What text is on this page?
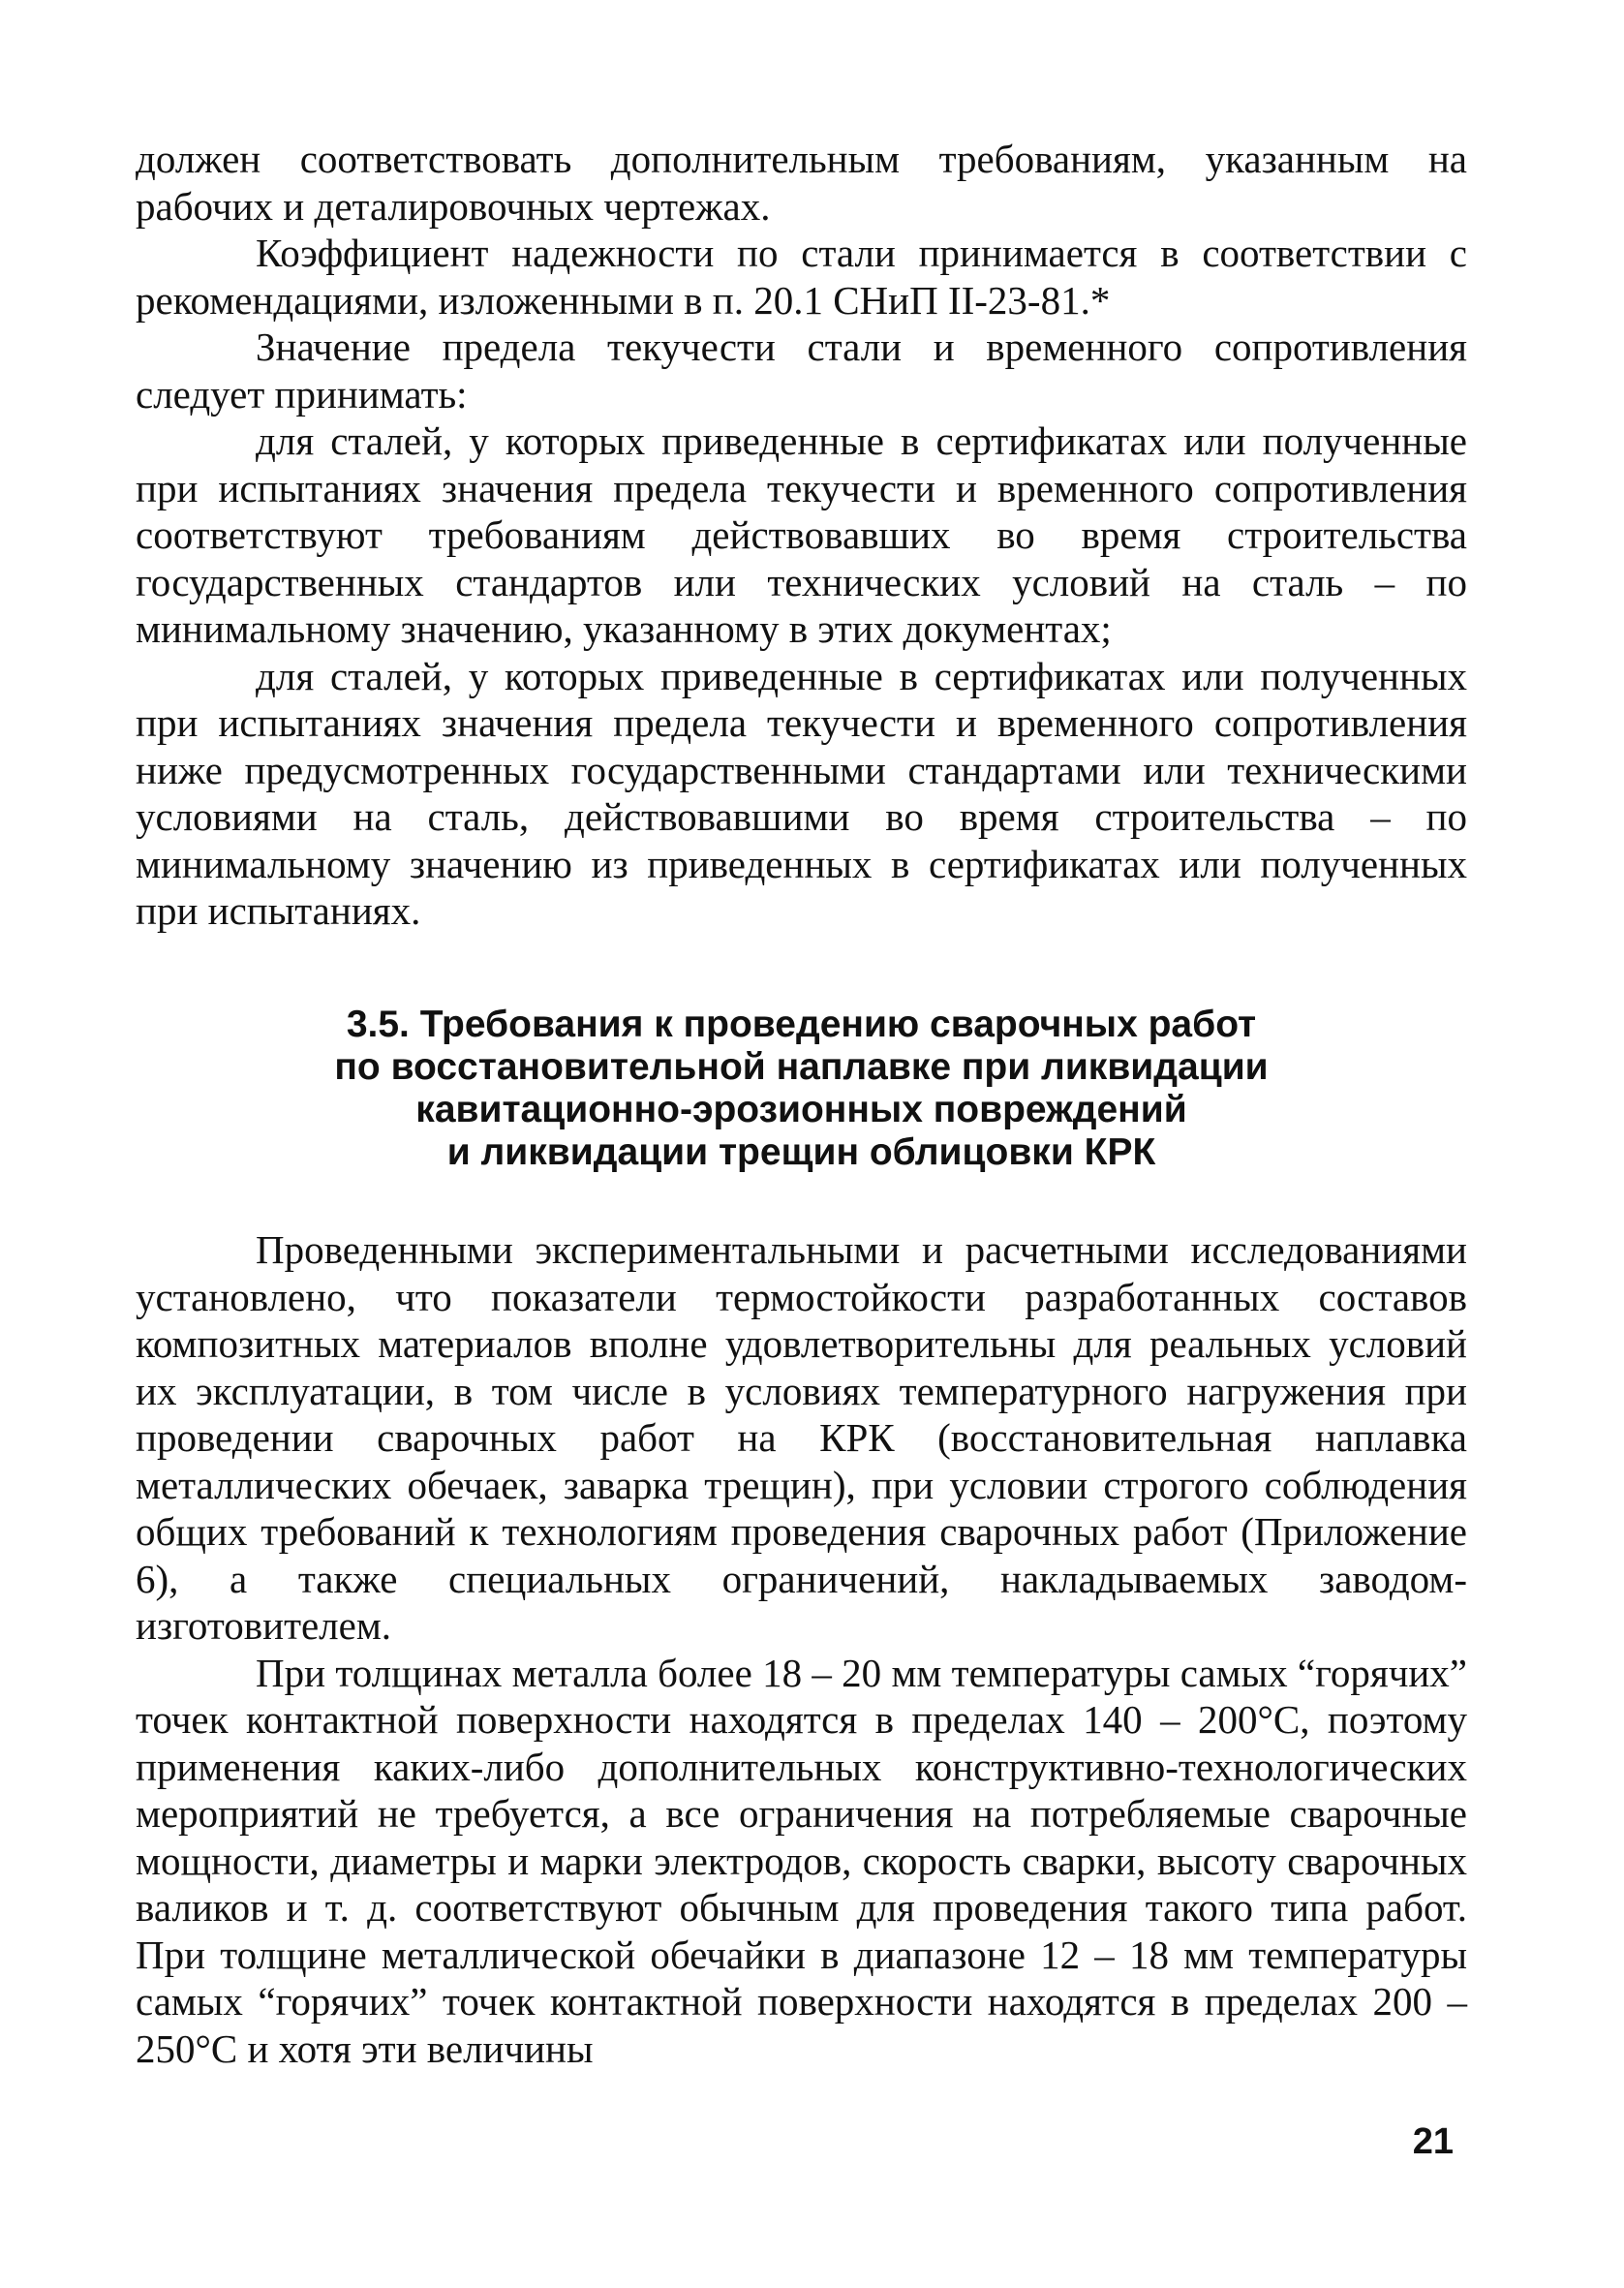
должен соответствовать дополнительным требованиям, указанным на рабочих и деталировочных чертежах.

Коэффициент надежности по стали принимается в соответствии с рекомендациями, изложенными в п. 20.1 СНиП II-23-81.*

Значение предела текучести стали и временного сопротивления следует принимать:

для сталей, у которых приведенные в сертификатах или полученные при испытаниях значения предела текучести и временного сопротивления соответствуют требованиям действовавших во время строительства государственных стандартов или технических условий на сталь – по минимальному значению, указанному в этих документах;

для сталей, у которых приведенные в сертификатах или полученных при испытаниях значения предела текучести и временного сопротивления ниже предусмотренных государственными стандартами или техническими условиями на сталь, действовавшими во время строительства – по минимальному значению из приведенных в сертификатах или полученных при испытаниях.

3.5. Требования к проведению сварочных работ
по восстановительной наплавке при ликвидации
кавитационно-эрозионных повреждений
и ликвидации трещин облицовки КРК

Проведенными экспериментальными и расчетными исследованиями установлено, что показатели термостойкости разработанных составов композитных материалов вполне удовлетворительны для реальных условий их эксплуатации, в том числе в условиях температурного нагружения при проведении сварочных работ на КРК (восстановительная наплавка металлических обечаек, заварка трещин), при условии строгого соблюдения общих требований к технологиям проведения сварочных работ (Приложение 6), а также специальных ограничений, накладываемых заводом-изготовителем.

При толщинах металла более 18 – 20 мм температуры самых “горячих” точек контактной поверхности находятся в пределах 140 – 200°С, поэтому применения каких-либо дополнительных конструктивно-технологических мероприятий не требуется, а все ограничения на потребляемые сварочные мощности, диаметры и марки электродов, скорость сварки, высоту сварочных валиков и т. д. соответствуют обычным для проведения такого типа работ. При толщине металлической обечайки в диапазоне 12 – 18 мм температуры самых “горячих” точек контактной поверхности находятся в пределах 200 – 250°С и хотя эти величины

21
